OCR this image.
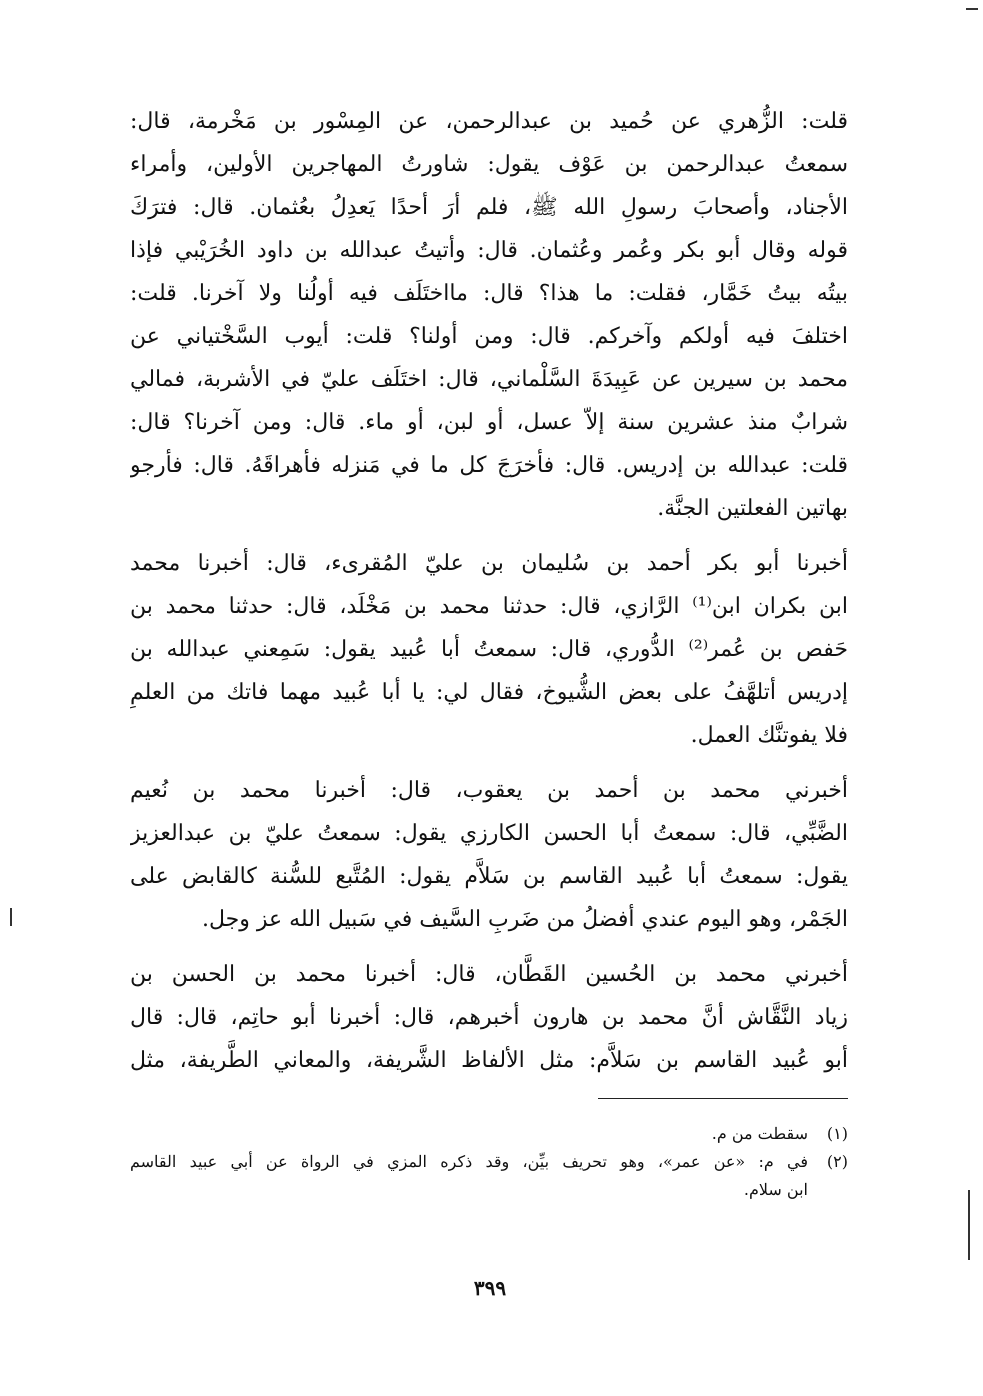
قلت: الزُّهري عن حُميد بن عبدالرحمن، عن المِسْور بن مَخْرمة، قال:
سمعتُ عبدالرحمن بن عَوْف يقول: شاورتُ المهاجرين الأولين، وأمراء
الأجناد، وأصحابَ رسولِ الله ﷺ، فلم أرَ أحدًا يَعدِلُ بعُثمان. قال: فترَكَ
قوله وقال أبو بكر وعُمر وعُثمان. قال: وأتيتُ عبدالله بن داود الخُرَيْبي فإذا
بيتُه بيتُ خَمَّار، فقلت: ما هذا؟ قال: مااختَلَف فيه أولُنا ولا آخرنا. قلت:
اختلفَ فيه أولكم وآخركم. قال: ومن أولنا؟ قلت: أيوب السَّخْتياني عن
محمد بن سيرين عن عَبِيدَةَ السَّلْماني، قال: اختَلَف عليّ في الأشربة، فمالي
شرابٌ منذ عشرين سنة إلاّ عسل، أو لبن، أو ماء. قال: ومن آخرنا؟ قال:
قلت: عبدالله بن إدريس. قال: فأخرَجَ كل ما في مَنزله فأهراقَهُ. قال: فأرجو
بهاتين الفعلتين الجنَّة.
أخبرنا أبو بكر أحمد بن سُليمان بن عليّ المُقرىء، قال: أخبرنا محمد
ابن بكران ابن⁽¹⁾ الرَّازي، قال: حدثنا محمد بن مَخْلَد، قال: حدثنا محمد بن
حَفص بن عُمر⁽²⁾ الدُّوري، قال: سمعتُ أبا عُبيد يقول: سَمِعني عبدالله بن
إدريس أتلهَّفُ على بعض الشُّيوخ، فقال لي: يا أبا عُبيد مهما فاتك من العلمِ
فلا يفوتنَّك العمل.
أخبرني محمد بن أحمد بن يعقوب، قال: أخبرنا محمد بن نُعيم
الضَّبِّي، قال: سمعتُ أبا الحسن الكارزي يقول: سمعتُ عليّ بن عبدالعزيز
يقول: سمعتُ أبا عُبيد القاسم بن سَلاَّم يقول: المُتَّبع للسُّنة كالقابض على
الجَمْر، وهو اليوم عندي أفضلُ من ضَربِ السَّيف في سَبيل الله عز وجل.
أخبرني محمد بن الحُسين القَطَّان، قال: أخبرنا محمد بن الحسن بن
زياد النَّقَّاش أنَّ محمد بن هارون أخبرهم، قال: أخبرنا أبو حاتِم، قال: قال
أبو عُبيد القاسم بن سَلاَّم: مثل الألفاظ الشَّريفة، والمعاني الطَّريفة، مثل
(١)سقطت من م.
(٢)في م: «عن عمر»، وهو تحريف بيِّن، وقد ذكره المزي في الرواة عن أبي عبيد القاسم
ابن سلام.
٣٩٩
